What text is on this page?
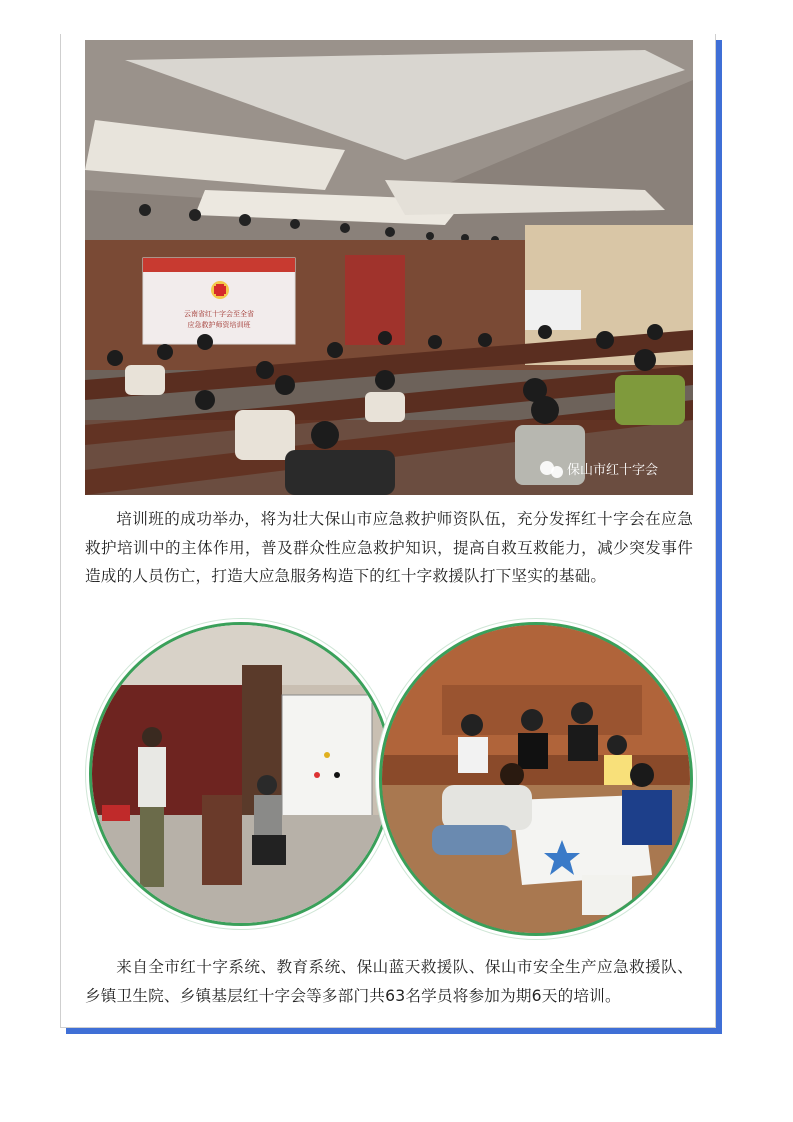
云南省红十字会至全省
应急救护师资培训班
保山市红十字会

培训班的成功举办，将为壮大保山市应急救护师资队伍，充分发挥红十字会在应急救护培训中的主体作用，普及群众性应急救护知识，提高自救互救能力，减少突发事件造成的人员伤亡，打造大应急服务构造下的红十字救援队打下坚实的基础。

来自全市红十字系统、教育系统、保山蓝天救援队、保山市安全生产应急救援队、乡镇卫生院、乡镇基层红十字会等多部门共63名学员将参加为期6天的培训。
